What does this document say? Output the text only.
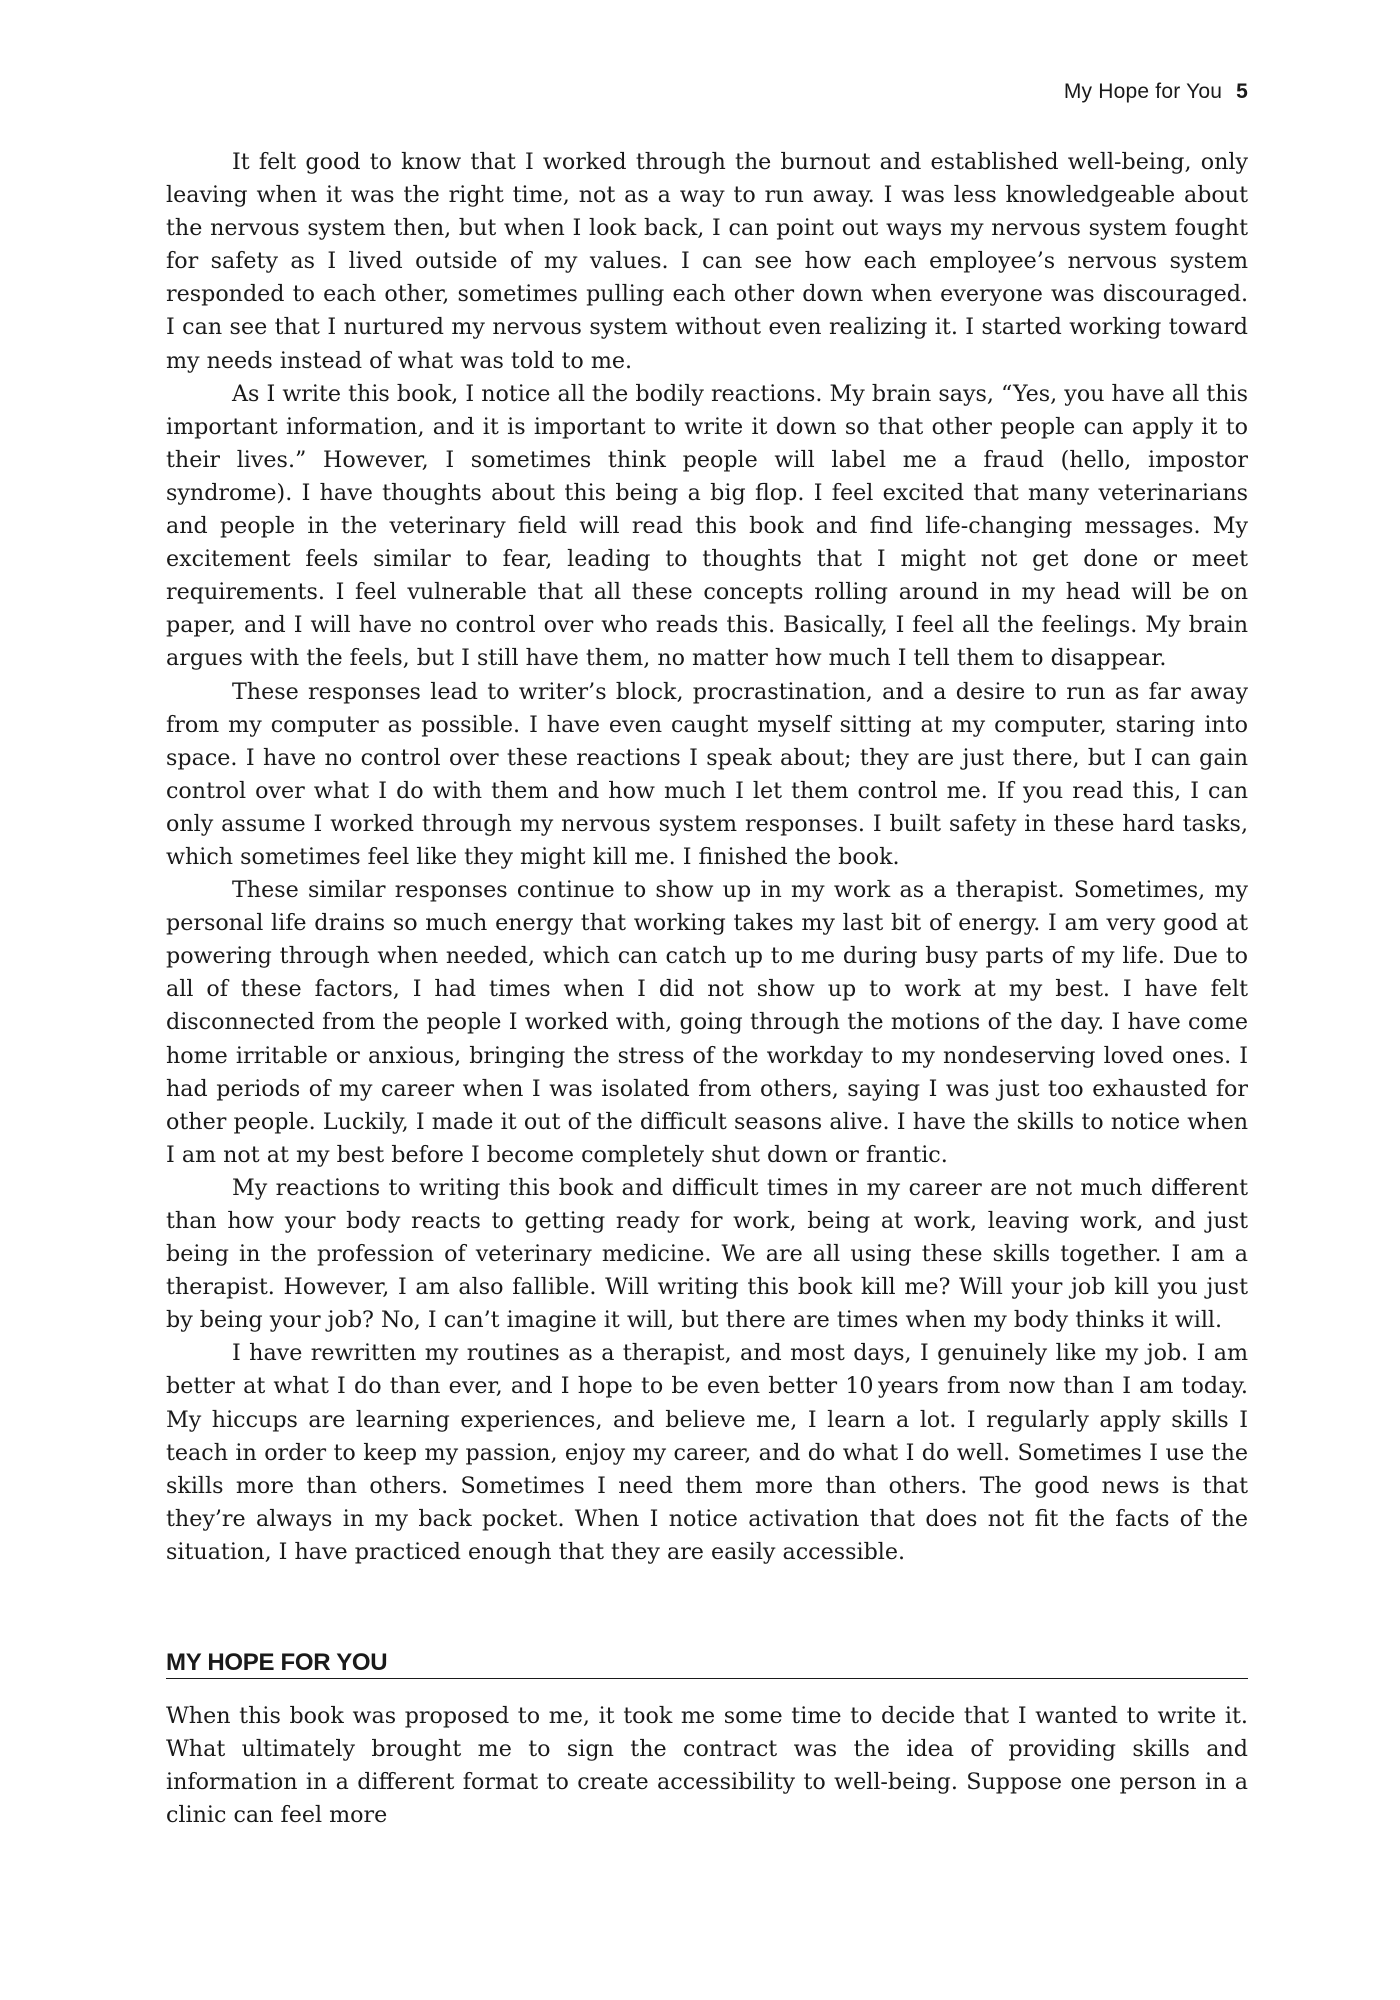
My Hope for You 5

It felt good to know that I worked through the burnout and established well-being, only leaving when it was the right time, not as a way to run away. I was less knowledgeable about the nervous system then, but when I look back, I can point out ways my nervous system fought for safety as I lived outside of my values. I can see how each employee’s nervous system responded to each other, sometimes pulling each other down when everyone was discouraged. I can see that I nurtured my nervous system without even realizing it. I started working toward my needs instead of what was told to me.

As I write this book, I notice all the bodily reactions. My brain says, “Yes, you have all this important information, and it is important to write it down so that other people can apply it to their lives.” However, I sometimes think people will label me a fraud (hello, impostor syndrome). I have thoughts about this being a big flop. I feel excited that many veterinarians and people in the veterinary field will read this book and find life-changing messages. My excitement feels similar to fear, leading to thoughts that I might not get done or meet requirements. I feel vulnerable that all these concepts rolling around in my head will be on paper, and I will have no control over who reads this. Basically, I feel all the feelings. My brain argues with the feels, but I still have them, no matter how much I tell them to disappear.

These responses lead to writer’s block, procrastination, and a desire to run as far away from my computer as possible. I have even caught myself sitting at my computer, staring into space. I have no control over these reactions I speak about; they are just there, but I can gain control over what I do with them and how much I let them control me. If you read this, I can only assume I worked through my nervous system responses. I built safety in these hard tasks, which sometimes feel like they might kill me. I finished the book.

These similar responses continue to show up in my work as a therapist. Sometimes, my personal life drains so much energy that working takes my last bit of energy. I am very good at powering through when needed, which can catch up to me during busy parts of my life. Due to all of these factors, I had times when I did not show up to work at my best. I have felt disconnected from the people I worked with, going through the motions of the day. I have come home irritable or anxious, bringing the stress of the workday to my nondeserving loved ones. I had periods of my career when I was isolated from others, saying I was just too exhausted for other people. Luckily, I made it out of the difficult seasons alive. I have the skills to notice when I am not at my best before I become completely shut down or frantic.

My reactions to writing this book and difficult times in my career are not much different than how your body reacts to getting ready for work, being at work, leaving work, and just being in the profession of veterinary medicine. We are all using these skills together. I am a therapist. However, I am also fallible. Will writing this book kill me? Will your job kill you just by being your job? No, I can’t imagine it will, but there are times when my body thinks it will.

I have rewritten my routines as a therapist, and most days, I genuinely like my job. I am better at what I do than ever, and I hope to be even better 10 years from now than I am today. My hiccups are learning experiences, and believe me, I learn a lot. I regularly apply skills I teach in order to keep my passion, enjoy my career, and do what I do well. Sometimes I use the skills more than others. Sometimes I need them more than others. The good news is that they’re always in my back pocket. When I notice activation that does not fit the facts of the situation, I have practiced enough that they are easily accessible.

MY HOPE FOR YOU

When this book was proposed to me, it took me some time to decide that I wanted to write it. What ultimately brought me to sign the contract was the idea of providing skills and information in a different format to create accessibility to well-being. Suppose one person in a clinic can feel more
